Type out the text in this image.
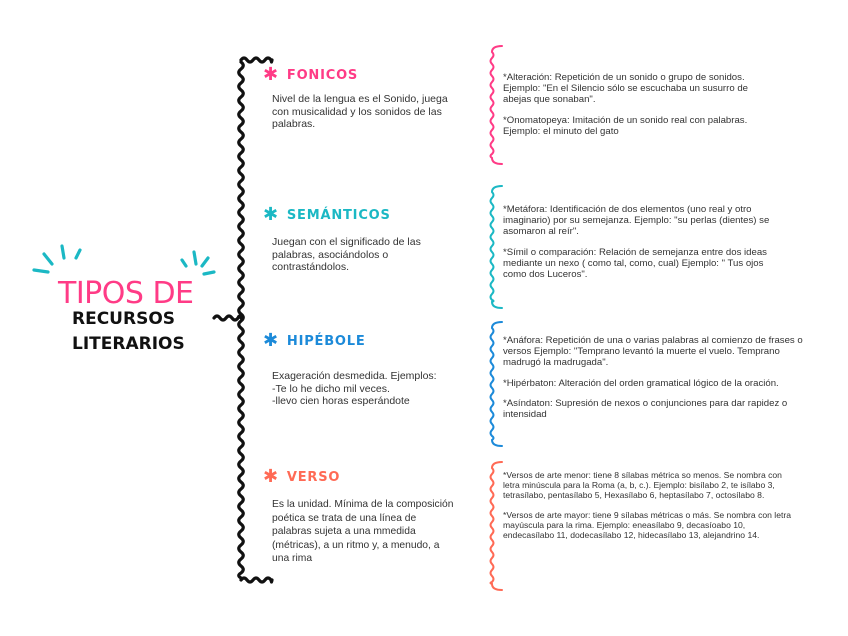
TIPOS DE
RECURSOS
LITERARIOS
✱ FONICOS
Nivel de la lengua es el Sonido, juega con musicalidad y los sonidos de las palabras.

*Alteración: Repetición de un sonido o grupo de sonidos. Ejemplo: "En el Silencio sólo se escuchaba un susurro de abejas que sonaban".

*Onomatopeya: Imitación de un sonido real con palabras. Ejemplo: el minuto del gato

✱ SEMÁNTICOS
Juegan con el significado de las palabras, asociándolos o contrastándolos.

*Metáfora: Identificación de dos elementos (uno real y otro imaginario) por su semejanza. Ejemplo: "su perlas (dientes) se asomaron al reír".

*Símil o comparación: Relación de semejanza entre dos ideas mediante un nexo ( como tal, como, cual) Ejemplo: " Tus ojos como dos Luceros".

✱ HIPÉBOLE
Exageración desmedida. Ejemplos:
-Te lo he dicho mil veces.
-llevo cien horas esperándote

*Anáfora: Repetición de una o varias palabras al comienzo de frases o versos Ejemplo: "Temprano levantó la muerte el vuelo. Temprano madrugó la madrugada".

*Hipérbaton: Alteración del orden gramatical lógico de la oración.

*Asíndaton: Supresión de nexos o conjunciones para dar rapidez o intensidad

✱ VERSO
Es la unidad. Mínima de la composición poética se trata de una línea de palabras sujeta a una mmedida (métricas), a un ritmo y, a menudo, a una rima

*Versos de arte menor: tiene 8 sílabas métrica so menos. Se nombra con letra minúscula para la Roma (a, b, c.). Ejemplo: bisílabo 2, te isílabo 3, tetrasílabo, pentasílabo 5, Hexasílabo 6, heptasílabo 7, octosílabo 8.

*Versos de arte mayor: tiene 9 sílabas métricas o más. Se nombra con letra mayúscula para la rima. Ejemplo: eneasílabo 9, decasíoabo 10, endecasílabo 11, dodecasílabo 12, hidecasílabo 13, alejandrino 14.
